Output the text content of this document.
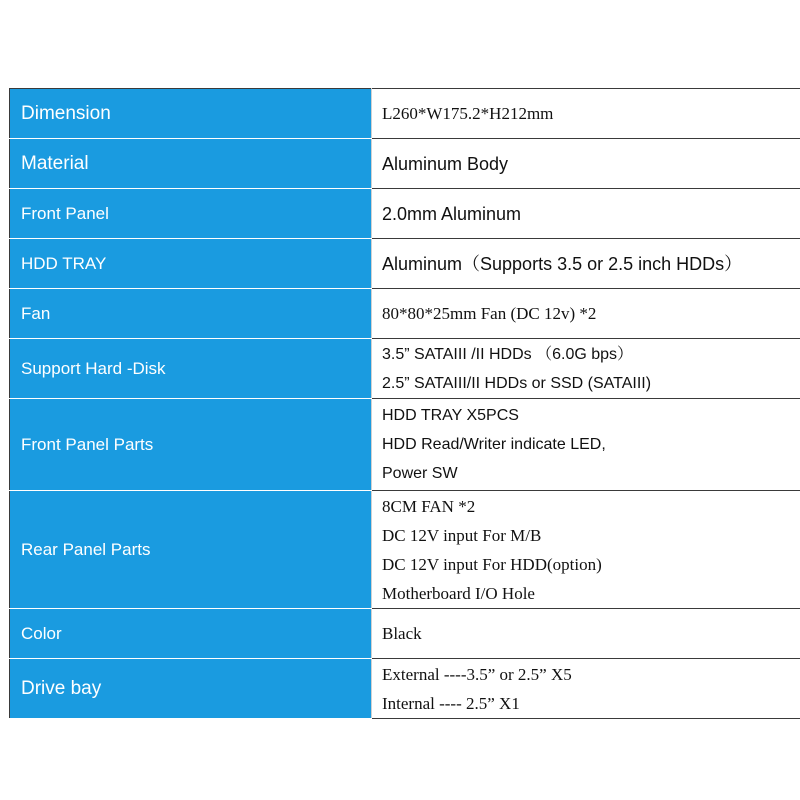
Dimension	L260*W175.2*H212mm

Material	Aluminum Body

Front Panel	2.0mm Aluminum

HDD TRAY	Aluminum（Supports 3.5 or 2.5 inch HDDs）

Fan	80*80*25mm Fan (DC 12v) *2

Support Hard -Disk	3.5” SATAIII /II HDDs （6.0G bps）
2.5” SATAIII/II HDDs or SSD (SATAIII)

Front Panel Parts	HDD TRAY X5PCS
HDD Read/Writer indicate LED,
Power SW

Rear Panel Parts	8CM FAN *2
DC 12V input For M/B
DC 12V input For HDD(option)
Motherboard I/O Hole

Color	Black

Drive bay	External ----3.5” or 2.5” X5
Internal ---- 2.5” X1
